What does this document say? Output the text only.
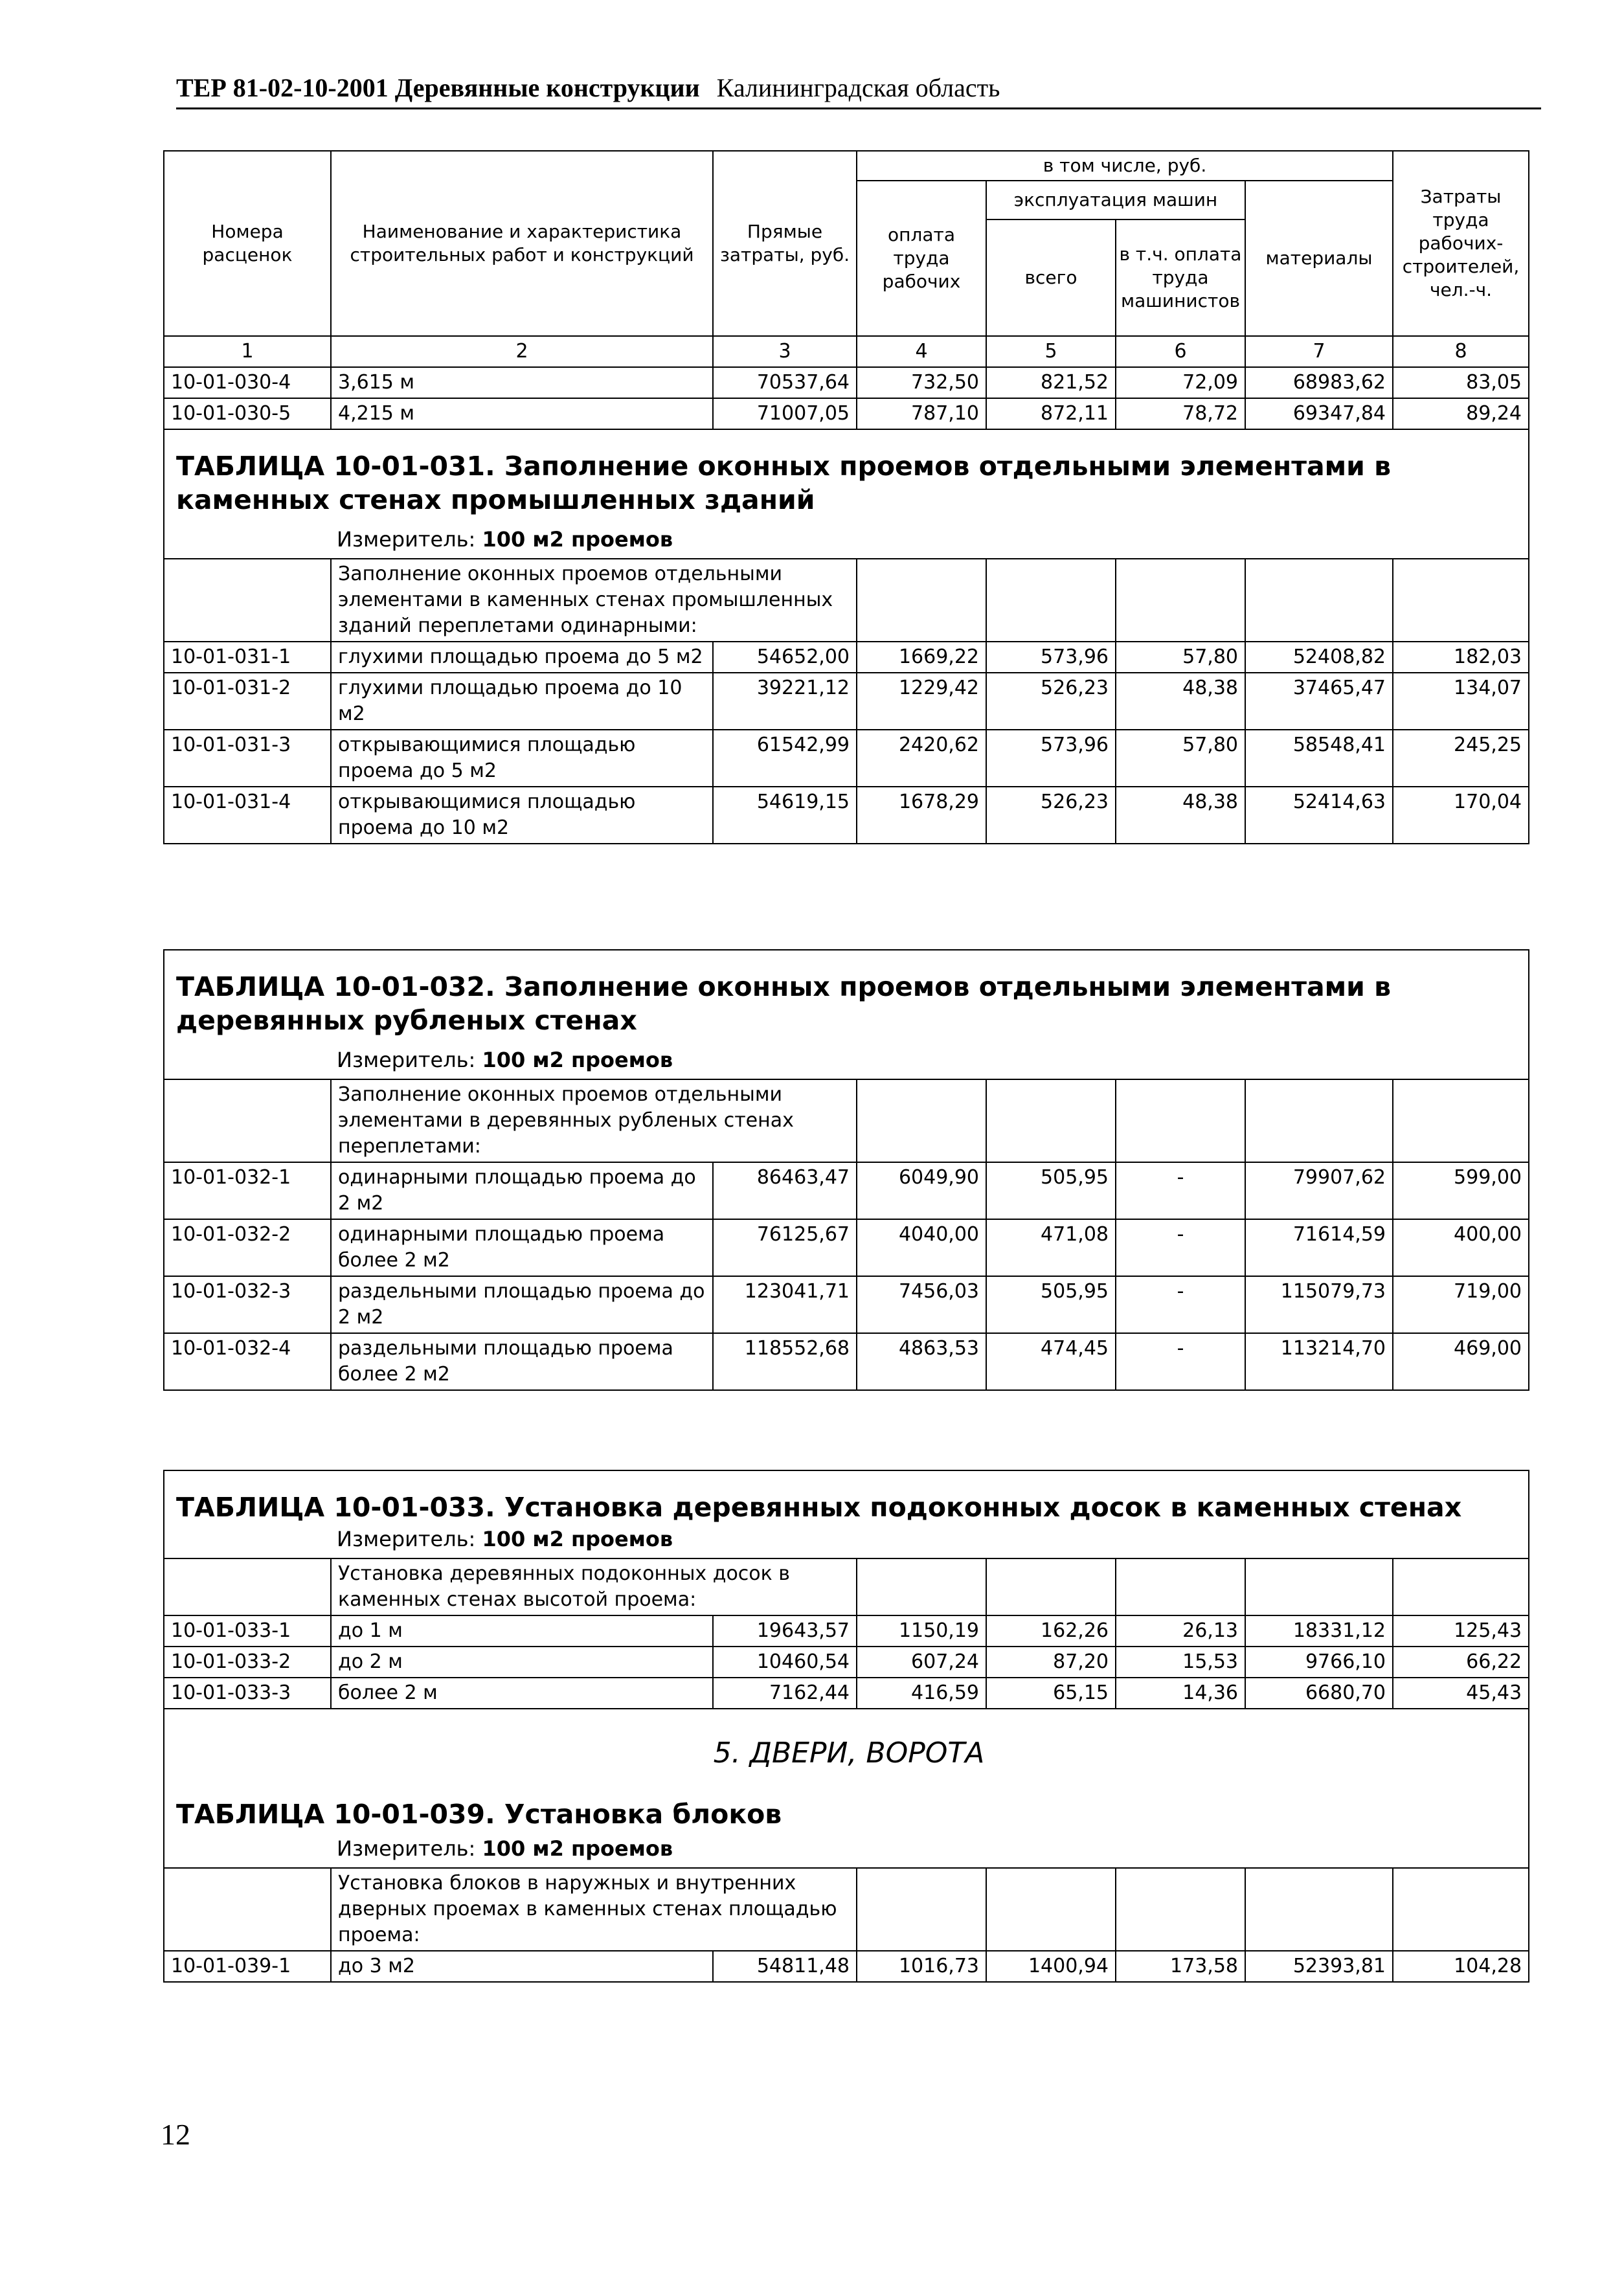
ТЕР 81-02-10-2001 Деревянные конструкции Калининградская область
Номера расценок	Наименование и характеристика строительных работ и конструкций	Прямые затраты, руб.	в том числе, руб.				Затраты труда рабочих-строителей, чел.-ч.
			оплата труда рабочих	эксплуатация машин		материалы	
				всего	в т.ч. оплата труда машинистов		

1	2	3	4	5	6	7	8
10-01-030-4	3,615 м	70537,64	732,50	821,52	72,09	68983,62	83,05
10-01-030-5	4,215 м	71007,05	787,10	872,11	78,72	69347,84	89,24

ТАБЛИЦА 10-01-031. Заполнение оконных проемов отдельными элементами в каменных стенах промышленных зданий
Измеритель: 100 м2 проемов							

	Заполнение оконных проемов отдельными элементами в каменных стенах промышленных зданий переплетами одинарными:						
10-01-031-1	глухими площадью проема до 5 м2	54652,00	1669,22	573,96	57,80	52408,82	182,03
10-01-031-2	глухими площадью проема до 10 м2	39221,12	1229,42	526,23	48,38	37465,47	134,07
10-01-031-3	открывающимися площадью проема до 5 м2	61542,99	2420,62	573,96	57,80	58548,41	245,25
10-01-031-4	открывающимися площадью проема до 10 м2	54619,15	1678,29	526,23	48,38	52414,63	170,04
ТАБЛИЦА 10-01-032. Заполнение оконных проемов отдельными элементами в деревянных рубленых стенах
Измеритель: 100 м2 проемов							

	Заполнение оконных проемов отдельными элементами в деревянных рубленых стенах переплетами:						
10-01-032-1	одинарными площадью проема до 2 м2	86463,47	6049,90	505,95	-	79907,62	599,00
10-01-032-2	одинарными площадью проема более 2 м2	76125,67	4040,00	471,08	-	71614,59	400,00
10-01-032-3	раздельными площадью проема до 2 м2	123041,71	7456,03	505,95	-	115079,73	719,00
10-01-032-4	раздельными площадью проема более 2 м2	118552,68	4863,53	474,45	-	113214,70	469,00
ТАБЛИЦА 10-01-033. Установка деревянных подоконных досок в каменных стенах
Измеритель: 100 м2 проемов							

	Установка деревянных подоконных досок в каменных стенах высотой проема:						
10-01-033-1	до 1 м	19643,57	1150,19	162,26	26,13	18331,12	125,43
10-01-033-2	до 2 м	10460,54	607,24	87,20	15,53	9766,10	66,22
10-01-033-3	более 2 м	7162,44	416,59	65,15	14,36	6680,70	45,43

5. ДВЕРИ, ВОРОТА
ТАБЛИЦА 10-01-039. Установка блоков
Измеритель: 100 м2 проемов							

	Установка блоков в наружных и внутренних дверных проемах в каменных стенах площадью проема:						
10-01-039-1	до 3 м2	54811,48	1016,73	1400,94	173,58	52393,81	104,28
12
